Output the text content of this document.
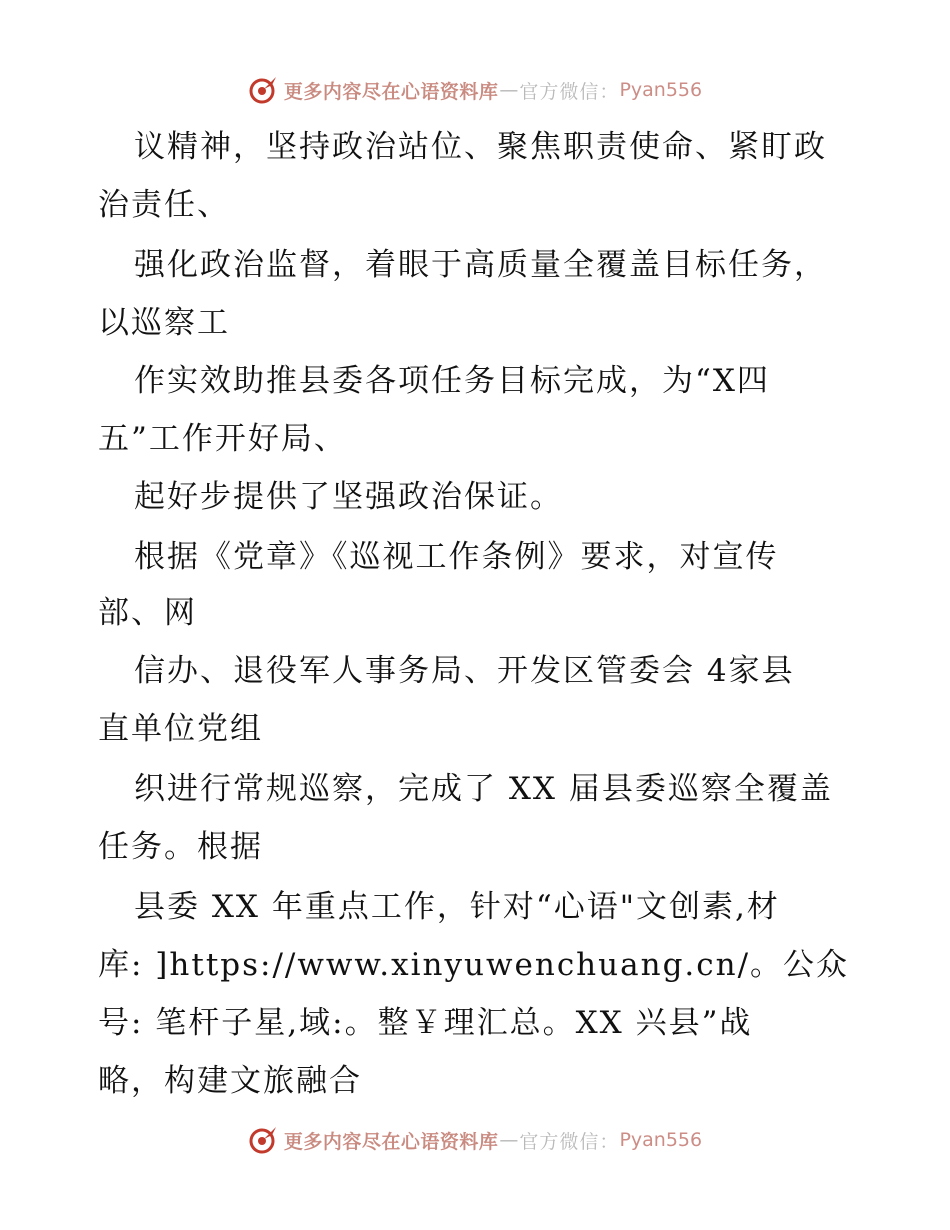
更多内容尽在心语资料库 — 官方微信： Pyan556
议精神，坚持政治站位、聚焦职责使命、紧盯政
治责任、
强化政治监督，着眼于高质量全覆盖目标任务，
以巡察工
作实效助推县委各项任务目标完成，为“X四
五”工作开好局、
起好步提供了坚强政治保证。
根据《党章》《巡视工作条例》要求，对宣传
部、网
信办、退役军人事务局、开发区管委会 4家县
直单位党组
织进行常规巡察，完成了 XX 届县委巡察全覆盖
任务。根据
县委 XX 年重点工作，针对“心语"文创素,材
库: ]https://www.xinyuwenchuang.cn/。公众
号: 笔杆子星,域:。整￥理汇总。XX 兴县”战
略，构建文旅融合
更多内容尽在心语资料库 — 官方微信： Pyan556
